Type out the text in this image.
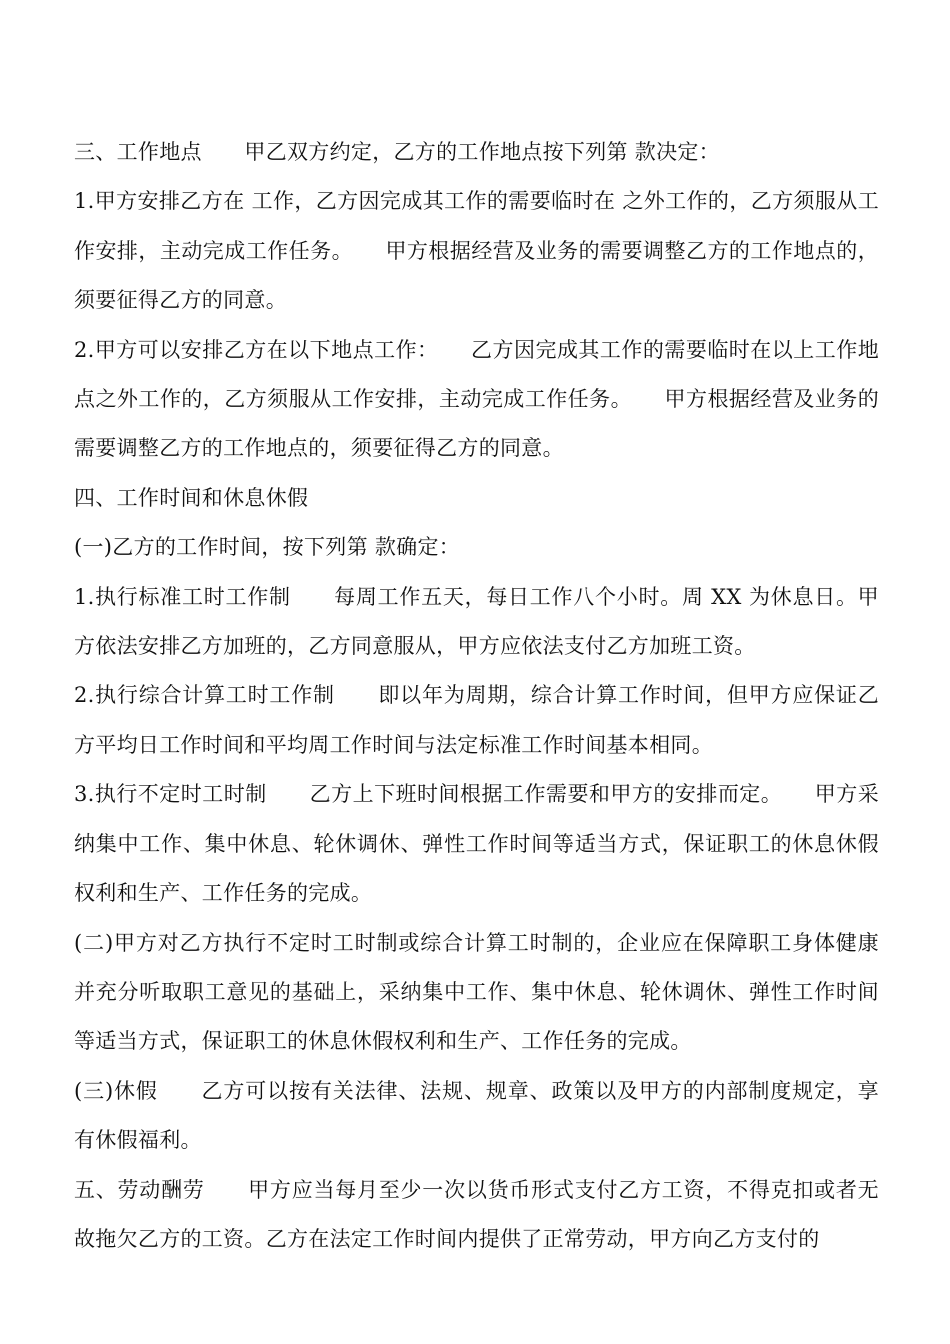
三、工作地点　　甲乙双方约定，乙方的工作地点按下列第 款决定：

1.甲方安排乙方在 工作，乙方因完成其工作的需要临时在 之外工作的，乙方须服从工作安排，主动完成工作任务。　　甲方根据经营及业务的需要调整乙方的工作地点的，须要征得乙方的同意。

2.甲方可以安排乙方在以下地点工作：　　乙方因完成其工作的需要临时在以上工作地点之外工作的，乙方须服从工作安排，主动完成工作任务。　　甲方根据经营及业务的需要调整乙方的工作地点的，须要征得乙方的同意。

四、工作时间和休息休假

(一)乙方的工作时间，按下列第 款确定：

1.执行标准工时工作制　　每周工作五天，每日工作八个小时。周 XX 为休息日。甲方依法安排乙方加班的，乙方同意服从，甲方应依法支付乙方加班工资。

2.执行综合计算工时工作制　　即以年为周期，综合计算工作时间，但甲方应保证乙方平均日工作时间和平均周工作时间与法定标准工作时间基本相同。

3.执行不定时工时制　　乙方上下班时间根据工作需要和甲方的安排而定。　　甲方采纳集中工作、集中休息、轮休调休、弹性工作时间等适当方式，保证职工的休息休假权利和生产、工作任务的完成。

(二)甲方对乙方执行不定时工时制或综合计算工时制的，企业应在保障职工身体健康并充分听取职工意见的基础上，采纳集中工作、集中休息、轮休调休、弹性工作时间等适当方式，保证职工的休息休假权利和生产、工作任务的完成。

(三)休假　　乙方可以按有关法律、法规、规章、政策以及甲方的内部制度规定，享有休假福利。

五、劳动酬劳　　甲方应当每月至少一次以货币形式支付乙方工资，不得克扣或者无故拖欠乙方的工资。乙方在法定工作时间内提供了正常劳动，甲方向乙方支付的
